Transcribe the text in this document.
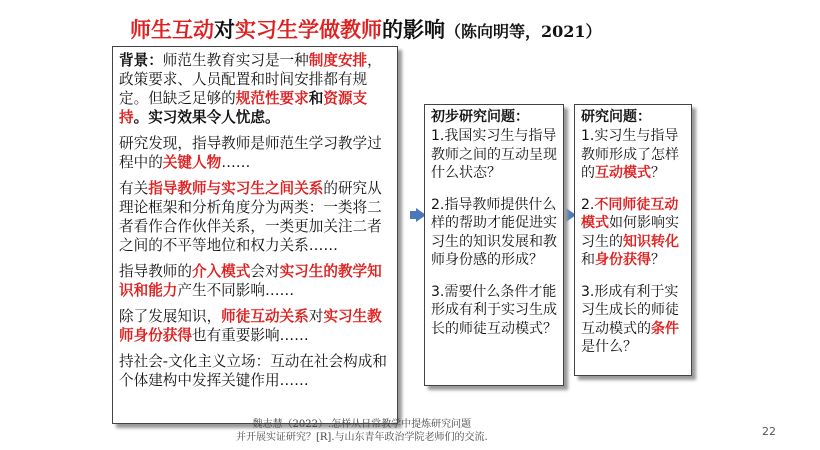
师生互动对实习生学做教师的影响（陈向明等，2021）

背景：师范生教育实习是一种制度安排，政策要求、人员配置和时间安排都有规定。但缺乏足够的规范性要求和资源支持。实习效果令人忧虑。

研究发现，指导教师是师范生学习教学过程中的关键人物……

有关指导教师与实习生之间关系的研究从理论框架和分析角度分为两类：一类将二者看作合作伙伴关系，一类更加关注二者之间的不平等地位和权力关系……

指导教师的介入模式会对实习生的教学知识和能力产生不同影响……

除了发展知识，师徒互动关系对实习生教师身份获得也有重要影响……

持社会-文化主义立场：互动在社会构成和个体建构中发挥关键作用……

初步研究问题：

1.我国实习生与指导教师之间的互动呈现什么状态？

2.指导教师提供什么样的帮助才能促进实习生的知识发展和教师身份感的形成？

3.需要什么条件才能形成有利于实习生成长的师徒互动模式？

研究问题：

1.实习生与指导教师形成了怎样的互动模式？

2.不同师徒互动模式如何影响实习生的知识转化和身份获得？

3.形成有利于实习生成长的师徒互动模式的条件是什么？

魏志慧（2022）.怎样从日常教学中提炼研究问题
并开展实证研究？[R].与山东青年政治学院老师们的交流.	22
